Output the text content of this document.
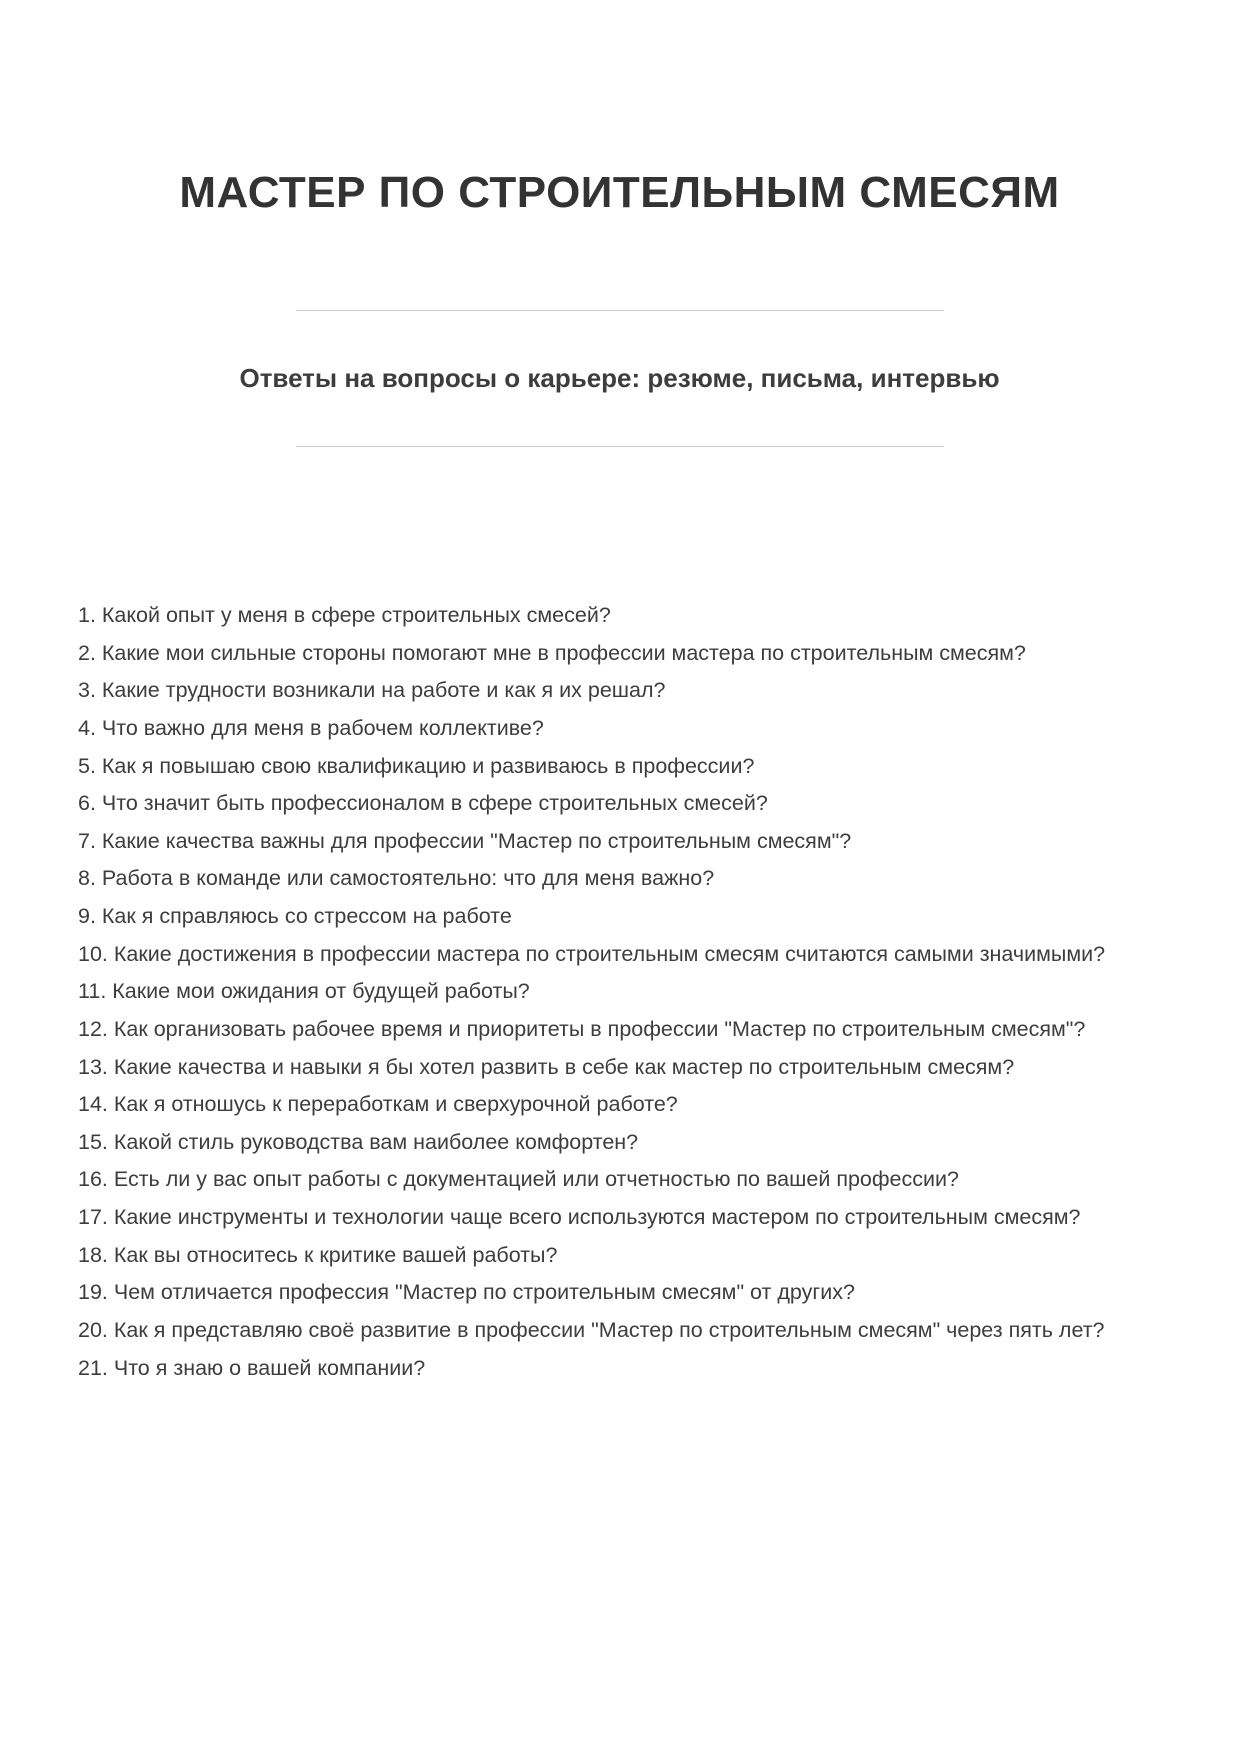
МАСТЕР ПО СТРОИТЕЛЬНЫМ СМЕСЯМ
Ответы на вопросы о карьере: резюме, письма, интервью

1. Какой опыт у меня в сфере строительных смесей?

2. Какие мои сильные стороны помогают мне в профессии мастера по строительным смесям?

3. Какие трудности возникали на работе и как я их решал?

4. Что важно для меня в рабочем коллективе?

5. Как я повышаю свою квалификацию и развиваюсь в профессии?

6. Что значит быть профессионалом в сфере строительных смесей?

7. Какие качества важны для профессии "Мастер по строительным смесям"?

8. Работа в команде или самостоятельно: что для меня важно?

9. Как я справляюсь со стрессом на работе

10. Какие достижения в профессии мастера по строительным смесям считаются самыми значимыми?

11. Какие мои ожидания от будущей работы?

12. Как организовать рабочее время и приоритеты в профессии "Мастер по строительным смесям"?

13. Какие качества и навыки я бы хотел развить в себе как мастер по строительным смесям?

14. Как я отношусь к переработкам и сверхурочной работе?

15. Какой стиль руководства вам наиболее комфортен?

16. Есть ли у вас опыт работы с документацией или отчетностью по вашей профессии?

17. Какие инструменты и технологии чаще всего используются мастером по строительным смесям?

18. Как вы относитесь к критике вашей работы?

19. Чем отличается профессия "Мастер по строительным смесям" от других?

20. Как я представляю своё развитие в профессии "Мастер по строительным смесям" через пять лет?

21. Что я знаю о вашей компании?
